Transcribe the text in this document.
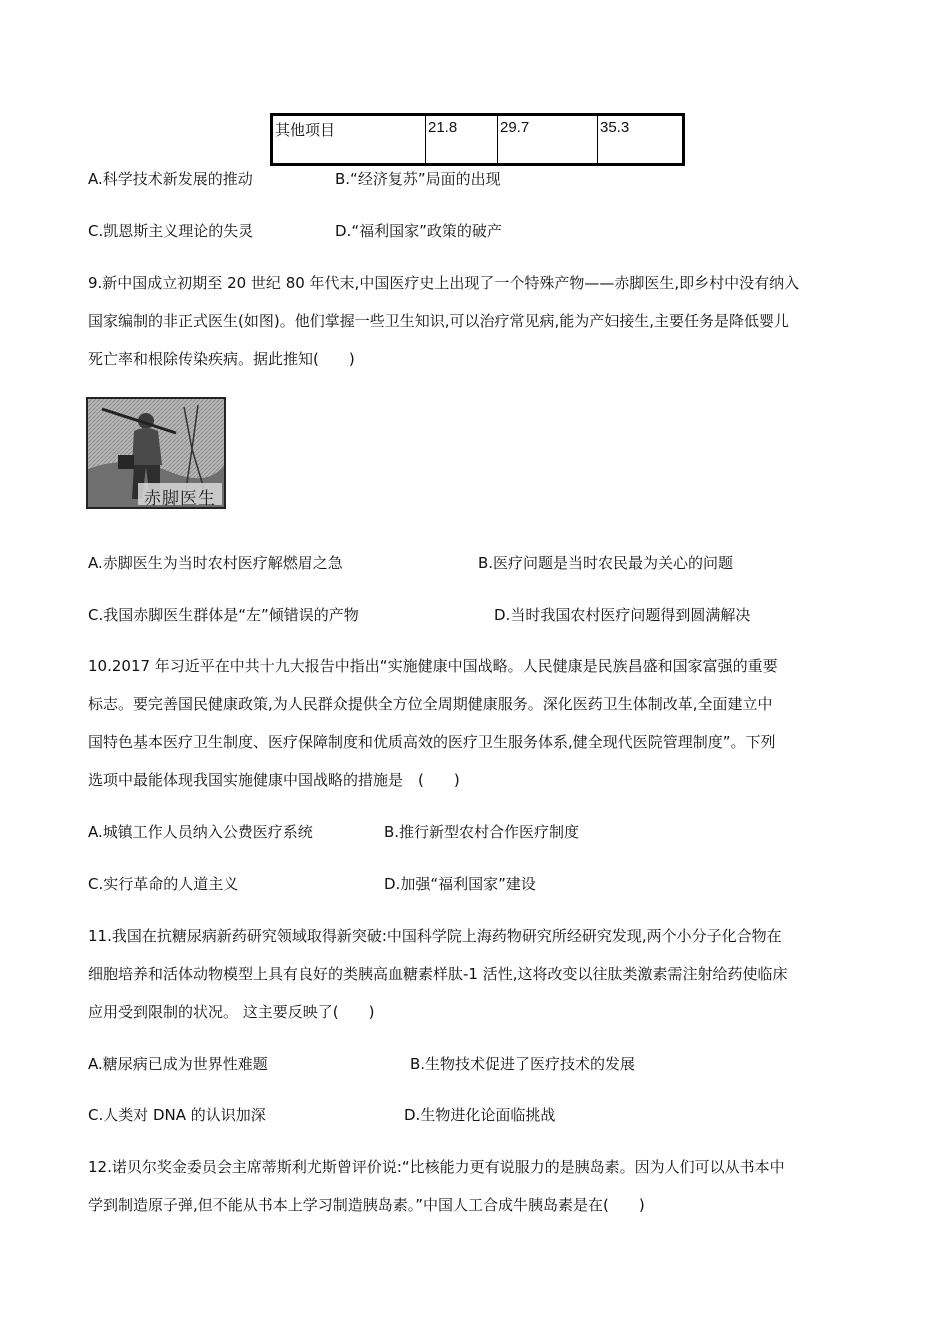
其他项目	21.8	29.7	35.3
A.科学技术新发展的推动	B.“经济复苏”局面的出现
C.凯恩斯主义理论的失灵	D.“福利国家”政策的破产
9.新中国成立初期至 20 世纪 80 年代末,中国医疗史上出现了一个特殊产物——赤脚医生,即乡村中没有纳入
国家编制的非正式医生(如图)。他们掌握一些卫生知识,可以治疗常见病,能为产妇接生,主要任务是降低婴儿
死亡率和根除传染疾病。据此推知(　　)
赤脚医生
A.赤脚医生为当时农村医疗解燃眉之急	B.医疗问题是当时农民最为关心的问题
C.我国赤脚医生群体是“左”倾错误的产物	D.当时我国农村医疗问题得到圆满解决
10.2017 年习近平在中共十九大报告中指出“实施健康中国战略。人民健康是民族昌盛和国家富强的重要
标志。要完善国民健康政策,为人民群众提供全方位全周期健康服务。深化医药卫生体制改革,全面建立中
国特色基本医疗卫生制度、医疗保障制度和优质高效的医疗卫生服务体系,健全现代医院管理制度”。下列
选项中最能体现我国实施健康中国战略的措施是　(　　)
A.城镇工作人员纳入公费医疗系统	B.推行新型农村合作医疗制度
C.实行革命的人道主义	D.加强“福利国家”建设
11.我国在抗糖尿病新药研究领域取得新突破:中国科学院上海药物研究所经研究发现,两个小分子化合物在
细胞培养和活体动物模型上具有良好的类胰高血糖素样肽-1 活性,这将改变以往肽类激素需注射给药使临床
应用受到限制的状况。 这主要反映了(　　)
A.糖尿病已成为世界性难题	B.生物技术促进了医疗技术的发展
C.人类对 DNA 的认识加深	D.生物进化论面临挑战
12.诺贝尔奖金委员会主席蒂斯利尤斯曾评价说:“比核能力更有说服力的是胰岛素。因为人们可以从书本中
学到制造原子弹,但不能从书本上学习制造胰岛素。”中国人工合成牛胰岛素是在(　　)
